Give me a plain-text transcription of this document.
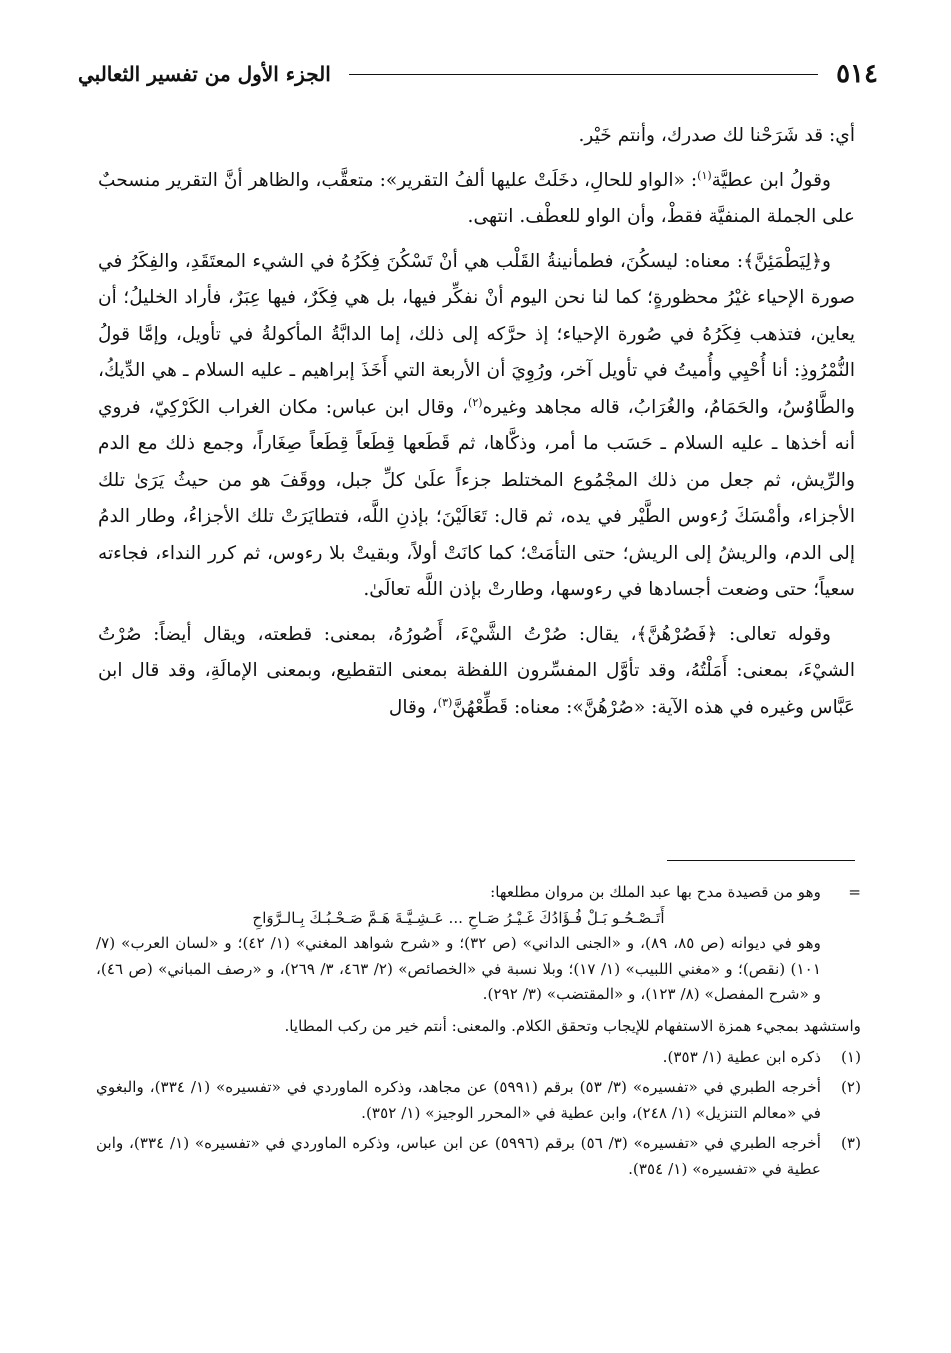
٥١٤
الجزء الأول من تفسير الثعالبي

أي: قد شَرَحْنا لك صدرك، وأنتم خَيْر.

وقولُ ابن عطيَّة$^{(١)}$: «الواو للحالِ، دخَلَتْ عليها ألفُ التقرير»: متعقَّب، والظاهر أنَّ التقرير منسحبٌ على الجملة المنفيَّة فقطْ، وأن الواو للعطْف. انتهى.

و﴿لِيَطْمَئِنَّ﴾: معناه: ليسكُنَ، فطمأنينةُ القَلْب هي أنْ تَسْكُنَ فِكَرُهُ في الشيء المعتَقَدِ، والفِكَرُ في صورة الإحياء غيْرُ محظورةٍ؛ كما لنا نحن اليوم أنْ نفكِّر فيها، بل هي فِكَرٌ، فيها عِبَرٌ، فأراد الخليلُ؛ أن يعاين، فتذهب فِكَرُهُ في صُورة الإحياء؛ إذ حرَّكه إلى ذلك، إما الدابَّةُ المأكولةُ في تأويل، وإمَّا قولُ النُّمْرُوذِ: أنا أُحْيِي وأُميتُ في تأويل آخر، ورُوِيَ أن الأربعة التي أَخَذَ إبراهيم ـ عليه السلام ـ هي الدِّيكُ، والطَّاوُسُ، والحَمَامُ، والغُرَابُ، قاله مجاهد وغيره$^{(٢)}$، وقال ابن عباس: مكان الغراب الكَرْكِيّ، فروي أنه أخذها ـ عليه السلام ـ حَسَب ما أمر، وذكَّاها، ثم قَطَعها قِطَعاً قِطَعاً صِغَاراً، وجمع ذلك مع الدم والرِّيش، ثم جعل من ذلك المجْمُوع المختلط جزءاً علَىٰ كلِّ جبل، ووقَفَ هو من حيثُ يَرَىٰ تلك الأجزاء، وأمْسَكَ رُءوس الطَّيْر في يده، ثم قال: تَعَالَيْنَ؛ بإذنِ اللَّه، فتطايَرَتْ تلك الأجزاءُ، وطار الدمُ إلى الدم، والريشُ إلى الريش؛ حتى التأمَتْ؛ كما كانَتْ أولاً، وبقيتْ بلا رءوس، ثم كرر النداء، فجاءته سعياً؛ حتى وضعت أجسادها في رءوسها، وطارتْ بإذن اللَّه تعالَىٰ.

وقوله تعالى: ﴿فَصُرْهُنَّ﴾، يقال: صُرْتُ الشَّيْءَ، أَصُورُهُ، بمعنى: قطعته، ويقال أيضاً: صُرْتُ الشيْءَ، بمعنى: أَمَلْتُهُ، وقد تأوَّل المفسِّرون اللفظة بمعنى التقطيع، وبمعنى الإمالَةِ، وقد قال ابن عَبَّاس وغيره في هذه الآية: «صُرْهُنَّ»: معناه: قَطِّعْهُنَّ$^{(٣)}$، وقال

=

وهو من قصيدة مدح بها عبد الملك بن مروان مطلعها:

أَتَـصْـحُـو بَـلْ فُـؤَادُكَ غَـيْـرُ صَـاحِ ... عَـشِـيَّـةَ هَـمَّ صَـحْـبُـكَ بِـالـرَّوَاحِ

وهو في ديوانه (ص ٨٥، ٨٩)، و «الجنى الداني» (ص ٣٢)؛ و «شرح شواهد المغني» (١/ ٤٢)؛ و «لسان العرب» (٧/ ١٠١) (نقص)؛ و «مغني اللبيب» (١/ ١٧)؛ وبلا نسبة في «الخصائص» (٢/ ٤٦٣، ٣/ ٢٦٩)، و «رصف المباني» (ص ٤٦)، و «شرح المفصل» (٨/ ١٢٣)، و «المقتضب» (٣/ ٢٩٢).

واستشهد بمجيء همزة الاستفهام للإيجاب وتحقق الكلام. والمعنى: أنتم خير من ركب المطايا.

(١)

ذكره ابن عطية (١/ ٣٥٣).

(٢)

أخرجه الطبري في «تفسيره» (٣/ ٥٣) برقم (٥٩٩١) عن مجاهد، وذكره الماوردي في «تفسيره» (١/ ٣٣٤)، والبغوي في «معالم التنزيل» (١/ ٢٤٨)، وابن عطية في «المحرر الوجيز» (١/ ٣٥٢).

(٣)

أخرجه الطبري في «تفسيره» (٣/ ٥٦) برقم (٥٩٩٦) عن ابن عباس، وذكره الماوردي في «تفسيره» (١/ ٣٣٤)، وابن عطية في «تفسيره» (١/ ٣٥٤).
